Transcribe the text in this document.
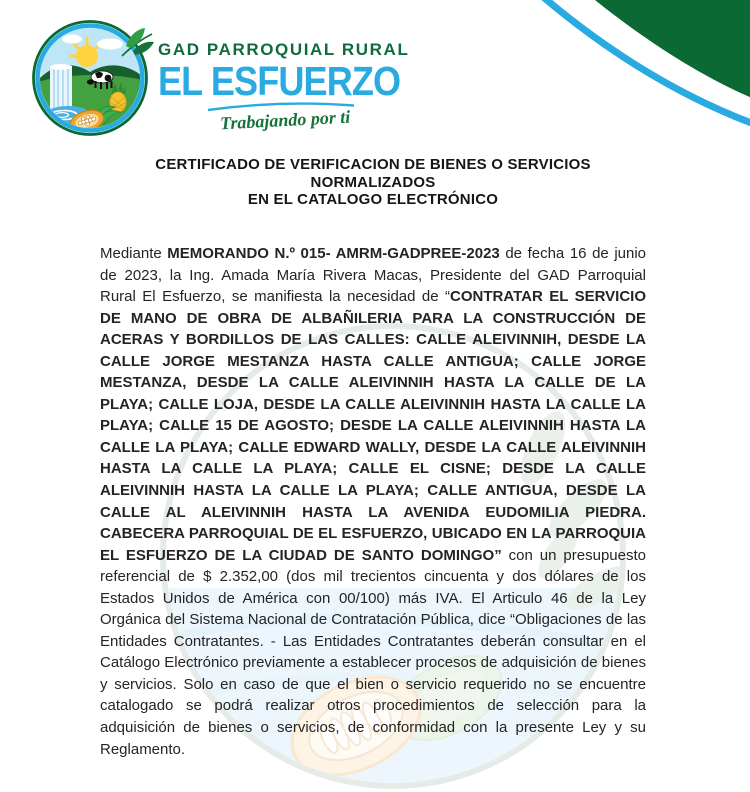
GAD PARROQUIAL RURAL
EL ESFUERZO
Trabajando por ti
CERTIFICADO DE VERIFICACION DE BIENES O SERVICIOS
NORMALIZADOS
EN EL CATALOGO ELECTRÓNICO
Mediante MEMORANDO N.º 015- AMRM-GADPREE-2023 de fecha 16 de junio de 2023, la Ing. Amada María Rivera Macas, Presidente del GAD Parroquial Rural El Esfuerzo, se manifiesta la necesidad de “CONTRATAR EL SERVICIO DE MANO DE OBRA DE ALBAÑILERIA PARA LA CONSTRUCCIÓN DE ACERAS Y BORDILLOS DE LAS CALLES: CALLE ALEIVINNIH, DESDE LA CALLE JORGE MESTANZA HASTA CALLE ANTIGUA; CALLE JORGE MESTANZA, DESDE LA CALLE ALEIVINNIH HASTA LA CALLE DE LA PLAYA; CALLE LOJA, DESDE LA CALLE ALEIVINNIH HASTA LA CALLE LA PLAYA; CALLE 15 DE AGOSTO; DESDE LA CALLE ALEIVINNIH HASTA LA CALLE LA PLAYA; CALLE EDWARD WALLY, DESDE LA CALLE ALEIVINNIH HASTA LA CALLE LA PLAYA; CALLE EL CISNE; DESDE LA CALLE ALEIVINNIH HASTA LA CALLE LA PLAYA; CALLE ANTIGUA, DESDE LA CALLE AL ALEIVINNIH HASTA LA AVENIDA EUDOMILIA PIEDRA. CABECERA PARROQUIAL DE EL ESFUERZO, UBICADO EN LA PARROQUIA EL ESFUERZO DE LA CIUDAD DE SANTO DOMINGO” con un presupuesto referencial de $ 2.352,00 (dos mil trecientos cincuenta y dos dólares de los Estados Unidos de América con 00/100) más IVA. El Articulo 46 de la Ley Orgánica del Sistema Nacional de Contratación Pública, dice “Obligaciones de las Entidades Contratantes. - Las Entidades Contratantes deberán consultar en el Catálogo Electrónico previamente a establecer procesos de adquisición de bienes y servicios. Solo en caso de que el bien o servicio requerido no se encuentre catalogado se podrá realizar otros procedimientos de selección para la adquisición de bienes o servicios, de conformidad con la presente Ley y su Reglamento.
